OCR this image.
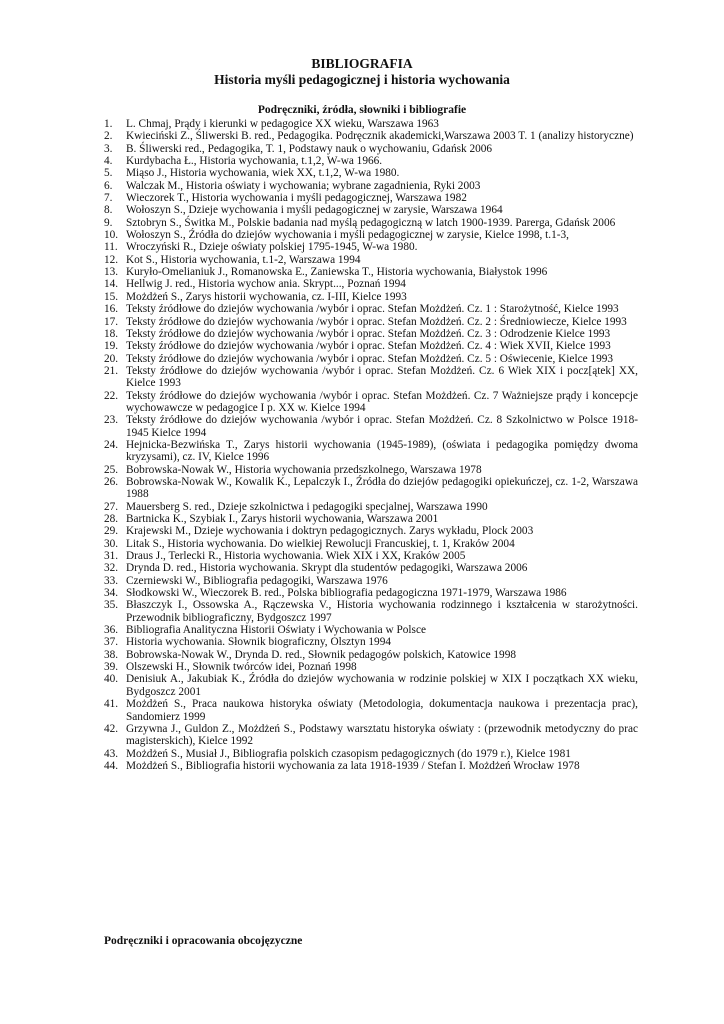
BIBLIOGRAFIA
Historia myśli pedagogicznej i historia wychowania
Podręczniki, źródła, słowniki i bibliografie
1. L. Chmaj, Prądy i kierunki w pedagogice XX wieku, Warszawa 1963
2. Kwieciński Z., Śliwerski B. red., Pedagogika. Podręcznik akademicki,Warszawa 2003 T. 1 (analizy historyczne)
3. B. Śliwerski red., Pedagogika, T. 1, Podstawy nauk o wychowaniu, Gdańsk 2006
4. Kurdybacha Ł., Historia wychowania, t.1,2, W-wa 1966.
5. Miąso J., Historia wychowania, wiek XX, t.1,2, W-wa 1980.
6. Walczak M., Historia oświaty i wychowania; wybrane zagadnienia, Ryki 2003
7. Wieczorek T., Historia wychowania i myśli pedagogicznej, Warszawa 1982
8. Wołoszyn S., Dzieje wychowania i myśli pedagogicznej w zarysie, Warszawa 1964
9. Sztobryn S., Świtka M., Polskie badania nad myślą pedagogiczną w latch 1900-1939. Parerga, Gdańsk 2006
10. Wołoszyn S., Źródła do dziejów wychowania i myśli pedagogicznej w zarysie, Kielce 1998, t.1-3,
11. Wroczyński R., Dzieje oświaty polskiej 1795-1945, W-wa 1980.
12. Kot S., Historia wychowania, t.1-2, Warszawa 1994
13. Kuryło-Omelianiuk J., Romanowska E., Zaniewska T., Historia wychowania, Białystok 1996
14. Hellwig J. red., Historia wychow ania. Skrypt..., Poznań 1994
15. Możdżeń S., Zarys historii wychowania, cz. I-III, Kielce 1993
16. Teksty źródłowe do dziejów wychowania /wybór i oprac. Stefan Możdżeń. Cz. 1 : Starożytność, Kielce 1993
17. Teksty źródłowe do dziejów wychowania /wybór i oprac. Stefan Możdżeń. Cz. 2 : Średniowiecze, Kielce 1993
18. Teksty źródłowe do dziejów wychowania /wybór i oprac. Stefan Możdżeń. Cz. 3 : Odrodzenie Kielce 1993
19. Teksty źródłowe do dziejów wychowania /wybór i oprac. Stefan Możdżeń. Cz. 4 : Wiek XVII, Kielce 1993
20. Teksty źródłowe do dziejów wychowania /wybór i oprac. Stefan Możdżeń. Cz. 5 : Oświecenie, Kielce 1993
21. Teksty źródłowe do dziejów wychowania /wybór i oprac. Stefan Możdżeń. Cz. 6 Wiek XIX i pocz[ątek] XX, Kielce 1993
22. Teksty źródłowe do dziejów wychowania /wybór i oprac. Stefan Możdżeń. Cz. 7 Ważniejsze prądy i koncepcje wychowawcze w pedagogice I p. XX w. Kielce 1994
23. Teksty źródłowe do dziejów wychowania /wybór i oprac. Stefan Możdżeń. Cz. 8 Szkolnictwo w Polsce 1918-1945 Kielce 1994
24. Hejnicka-Bezwińska T., Zarys historii wychowania (1945-1989), (oświata i pedagogika pomiędzy dwoma kryzysami), cz. IV, Kielce 1996
25. Bobrowska-Nowak W., Historia wychowania przedszkolnego, Warszawa 1978
26. Bobrowska-Nowak W., Kowalik K., Lepalczyk I., Źródła do dziejów pedagogiki opiekuńczej, cz. 1-2, Warszawa 1988
27. Mauersberg S. red., Dzieje szkolnictwa i pedagogiki specjalnej, Warszawa 1990
28. Bartnicka K., Szybiak I., Zarys historii wychowania, Warszawa 2001
29. Krajewski M., Dzieje wychowania i doktryn pedagogicznych. Zarys wykładu, Plock 2003
30. Litak S., Historia wychowania. Do wielkiej Rewolucji Francuskiej, t. 1, Kraków 2004
31. Draus J., Terlecki R., Historia wychowania. Wiek XIX i XX, Kraków 2005
32. Drynda D. red., Historia wychowania. Skrypt dla studentów pedagogiki, Warszawa 2006
33. Czerniewski W., Bibliografia pedagogiki, Warszawa 1976
34. Słodkowski W., Wieczorek B. red., Polska bibliografia pedagogiczna 1971-1979, Warszawa 1986
35. Błaszczyk I., Ossowska A., Rączewska V., Historia wychowania rodzinnego i kształcenia w starożytności. Przewodnik bibliograficzny, Bydgoszcz 1997
36. Bibliografia Analityczna Historii Oświaty i Wychowania w Polsce
37. Historia wychowania. Słownik biograficzny, Olsztyn 1994
38. Bobrowska-Nowak W., Drynda D. red., Słownik pedagogów polskich, Katowice 1998
39. Olszewski H., Słownik twórców idei, Poznań 1998
40. Denisiuk A., Jakubiak K., Źródła do dziejów wychowania w rodzinie polskiej w XIX I początkach XX wieku, Bydgoszcz 2001
41. Możdżeń S., Praca naukowa historyka oświaty (Metodologia, dokumentacja naukowa i prezentacja prac), Sandomierz 1999
42. Grzywna J., Guldon Z., Możdżeń S., Podstawy warsztatu historyka oświaty : (przewodnik metodyczny do prac magisterskich), Kielce 1992
43. Możdżeń S., Musiał J., Bibliografia polskich czasopism pedagogicznych (do 1979 r.), Kielce 1981
44. Możdżeń S., Bibliografia historii wychowania za lata 1918-1939 / Stefan I. Możdżeń Wrocław 1978
Podręczniki i opracowania obcojęzyczne
